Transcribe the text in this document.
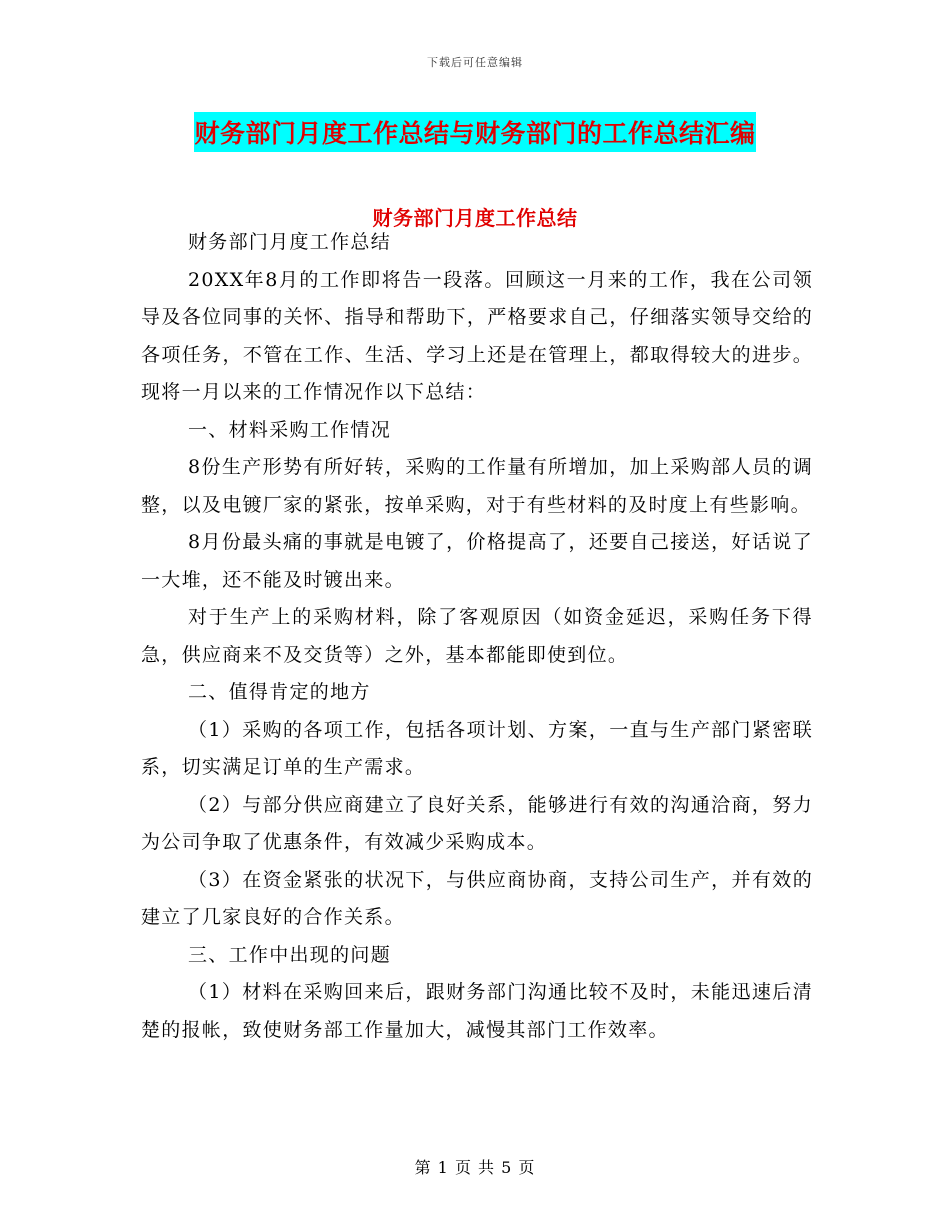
下载后可任意编辑
财务部门月度工作总结与财务部门的工作总结汇编
财务部门月度工作总结

财务部门月度工作总结

20XX年8月的工作即将告一段落。回顾这一月来的工作，我在公司领导及各位同事的关怀、指导和帮助下，严格要求自己，仔细落实领导交给的各项任务，不管在工作、生活、学习上还是在管理上，都取得较大的进步。现将一月以来的工作情况作以下总结：

一、材料采购工作情况

8份生产形势有所好转，采购的工作量有所增加，加上采购部人员的调整，以及电镀厂家的紧张，按单采购，对于有些材料的及时度上有些影响。

8月份最头痛的事就是电镀了，价格提高了，还要自己接送，好话说了一大堆，还不能及时镀出来。

对于生产上的采购材料，除了客观原因（如资金延迟，采购任务下得急，供应商来不及交货等）之外，基本都能即使到位。

二、值得肯定的地方

（1）采购的各项工作，包括各项计划、方案，一直与生产部门紧密联系，切实满足订单的生产需求。

（2）与部分供应商建立了良好关系，能够进行有效的沟通洽商，努力为公司争取了优惠条件，有效减少采购成本。

（3）在资金紧张的状况下，与供应商协商，支持公司生产，并有效的建立了几家良好的合作关系。

三、工作中出现的问题

（1）材料在采购回来后，跟财务部门沟通比较不及时，未能迅速后清楚的报帐，致使财务部工作量加大，减慢其部门工作效率。

第 1 页 共 5 页
